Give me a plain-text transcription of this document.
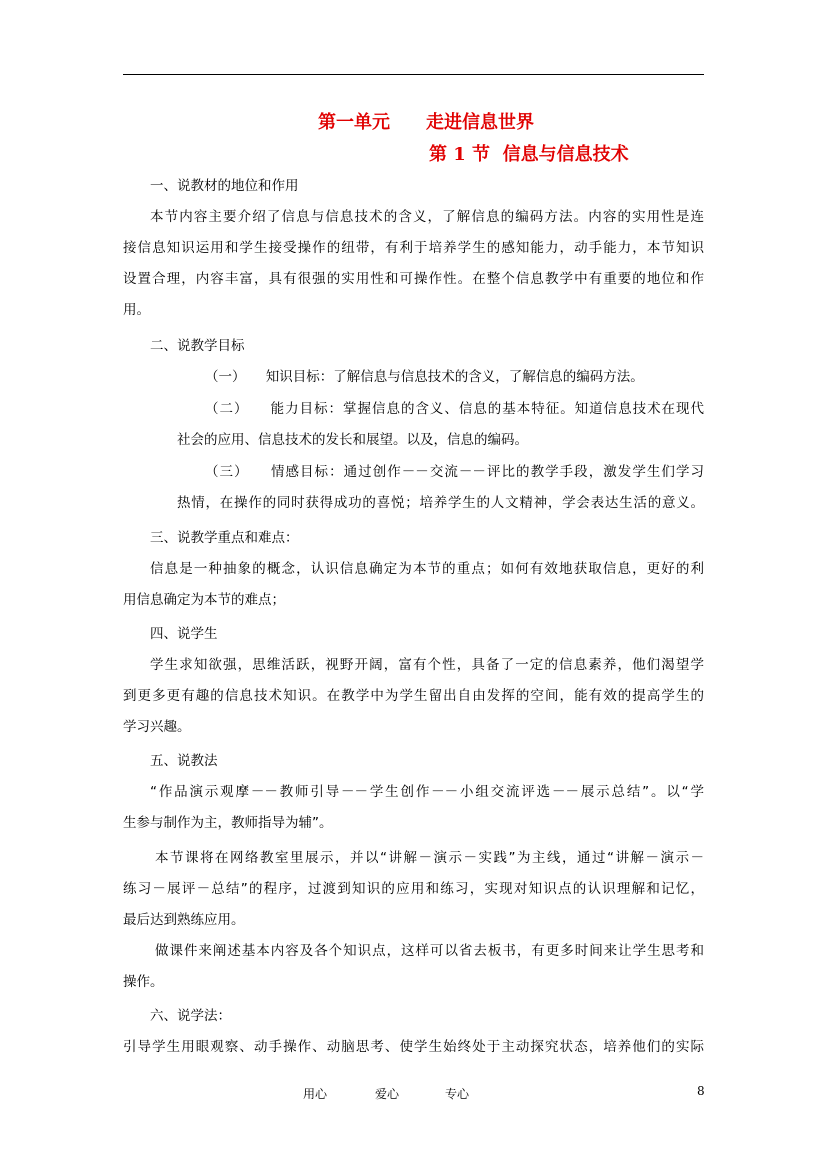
第一单元　　走进信息世界
第 1 节  信息与信息技术
一、说教材的地位和作用
本节内容主要介绍了信息与信息技术的含义，了解信息的编码方法。内容的实用性是连
接信息知识运用和学生接受操作的纽带，有利于培养学生的感知能力，动手能力，本节知识
设置合理，内容丰富，具有很强的实用性和可操作性。在整个信息教学中有重要的地位和作
用。
二、说教学目标
（一）　　知识目标：了解信息与信息技术的含义，了解信息的编码方法。
（二）　　能力目标：掌握信息的含义、信息的基本特征。知道信息技术在现代
社会的应用、信息技术的发长和展望。以及，信息的编码。
（三）　　情感目标：通过创作－－交流－－评比的教学手段，激发学生们学习
热情，在操作的同时获得成功的喜悦；培养学生的人文精神，学会表达生活的意义。
三、说教学重点和难点：
信息是一种抽象的概念，认识信息确定为本节的重点；如何有效地获取信息，更好的利
用信息确定为本节的难点；
四、说学生
学生求知欲强，思维活跃，视野开阔，富有个性，具备了一定的信息素养，他们渴望学
到更多更有趣的信息技术知识。在教学中为学生留出自由发挥的空间，能有效的提高学生的
学习兴趣。
五、说教法
“作品演示观摩－－教师引导－－学生创作－－小组交流评选－－展示总结”。以“学
生参与制作为主，教师指导为辅”。
本节课将在网络教室里展示，并以“讲解－演示－实践”为主线，通过“讲解－演示－
练习－展评－总结”的程序，过渡到知识的应用和练习，实现对知识点的认识理解和记忆，
最后达到熟练应用。
做课件来阐述基本内容及各个知识点，这样可以省去板书，有更多时间来让学生思考和
操作。
六、说学法：
引导学生用眼观察、动手操作、动脑思考、使学生始终处于主动探究状态，培养他们的实际
用心	爱心	专心	8
